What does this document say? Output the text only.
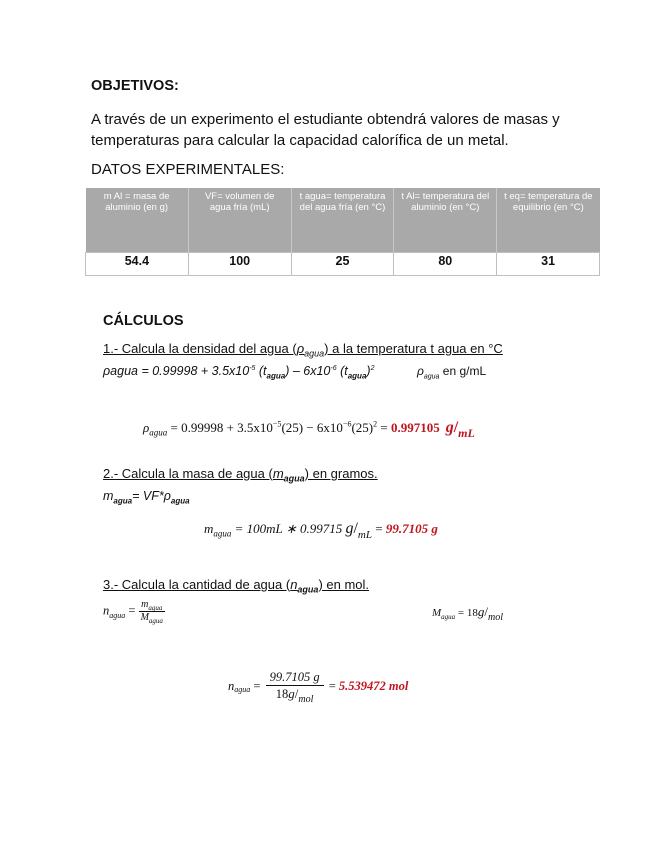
OBJETIVOS:
A través de un experimento el estudiante obtendrá valores de masas y
temperaturas para calcular la capacidad calorífica de un metal.
DATOS EXPERIMENTALES:
m Al = masa de aluminio (en g)	VF= volumen de agua fría (mL)	t agua= temperatura del agua fría (en °C)	t Al= temperatura del aluminio (en °C)	t eq= temperatura de equilibrio (en °C)
54.4	100	25	80	31
CÁLCULOS
1.- Calcula la densidad del agua $(\rho_{agua})$ a la temperatura t agua en °C
ρagua = $0.99998 + 3.5x10^{-5}$ $(t_{agua}) - 6x10^{-6}$ $(t_{agua})^2$	$\rho_{agua}$ en g/mL
$\rho_{agua} = 0.99998 + 3.5x10^{-5}(25) - 6x10^{-6}(25)^2 = 0.997105$ g/mL
2.- Calcula la masa de agua $(m_{agua})$ en gramos.
$m_{agua}= VF*\rho_{agua}$
$m_{agua} = 100mL$ ∗ 0.99715 $g/_{mL} = 99.7105$ g
3.- Calcula la cantidad de agua $(n_{agua})$ en mol.
$n_{agua} = \frac{m_{agua}}{M_{agua}}$	$M_{agua} = 18g/mol$
$n_{agua} = \frac{99.7105 g}{18g/_{mol}} = 5.539472$ mol
